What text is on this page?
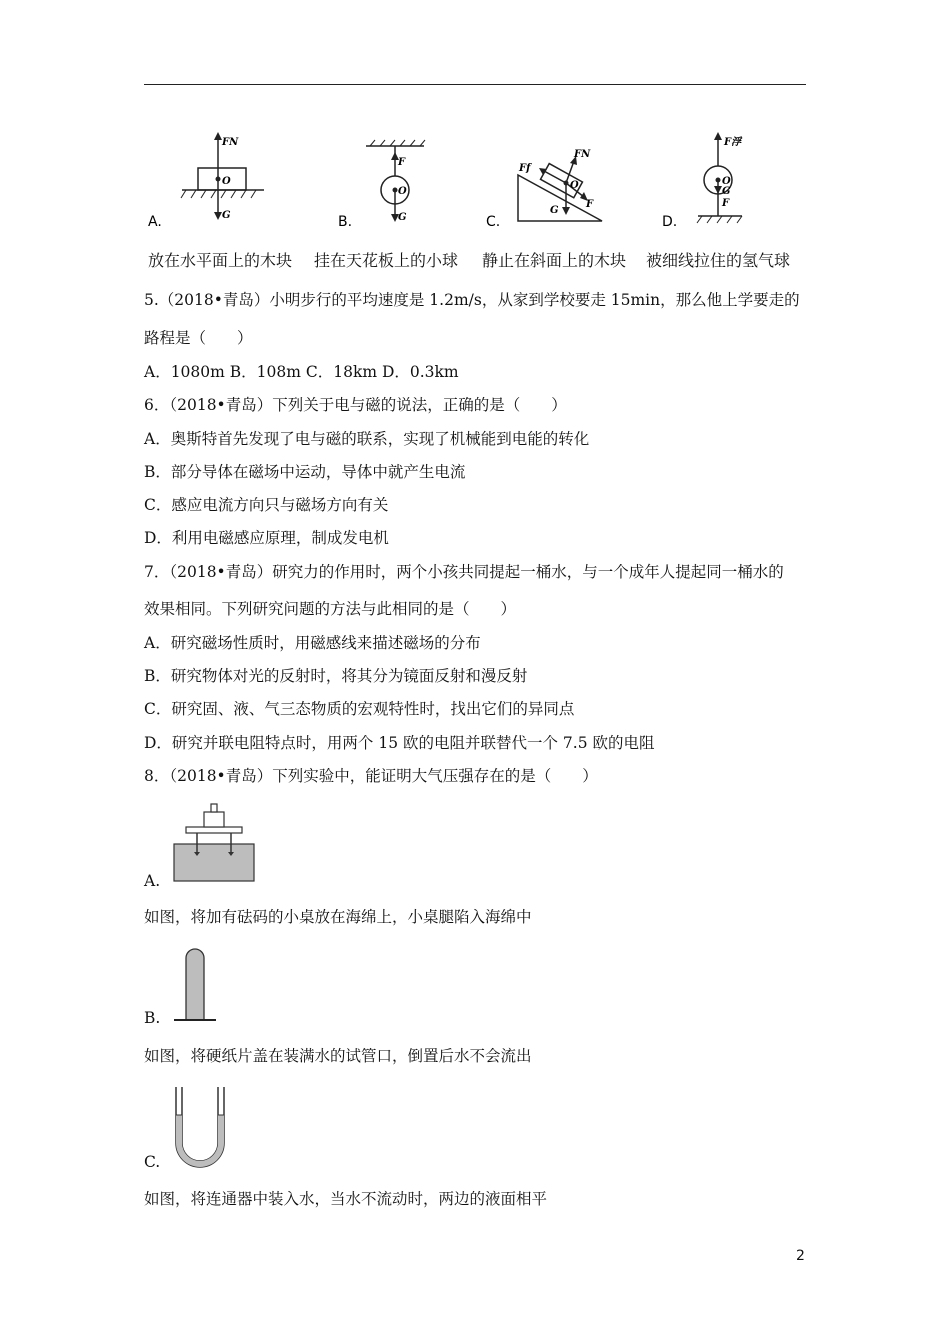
A.
FN
O
G	B.
F
O
G	C.
Ff
FN
O
G
F
D.
F浮
O
G
F
放在水平面上的木块 挂在天花板上的小球 静止在斜面上的木块 被细线拉住的氢气球
5.（2018•青岛）小明步行的平均速度是 1.2m/s，从家到学校要走 15min，那么他上学要走的
路程是（　　）
A．1080m B．108m C．18km D．0.3km
6．（2018•青岛）下列关于电与磁的说法，正确的是（　　）
A．奥斯特首先发现了电与磁的联系，实现了机械能到电能的转化
B．部分导体在磁场中运动，导体中就产生电流
C．感应电流方向只与磁场方向有关
D．利用电磁感应原理，制成发电机
7．（2018•青岛）研究力的作用时，两个小孩共同提起一桶水，与一个成年人提起同一桶水的
效果相同。下列研究问题的方法与此相同的是（　　）
A．研究磁场性质时，用磁感线来描述磁场的分布
B．研究物体对光的反射时，将其分为镜面反射和漫反射
C．研究固、液、气三态物质的宏观特性时，找出它们的异同点
D．研究并联电阻特点时，用两个 15 欧的电阻并联替代一个 7.5 欧的电阻
8．（2018•青岛）下列实验中，能证明大气压强存在的是（　　）
A.
如图，将加有砝码的小桌放在海绵上，小桌腿陷入海绵中
B.
如图，将硬纸片盖在装满水的试管口，倒置后水不会流出
C.
如图，将连通器中装入水，当水不流动时，两边的液面相平
2
